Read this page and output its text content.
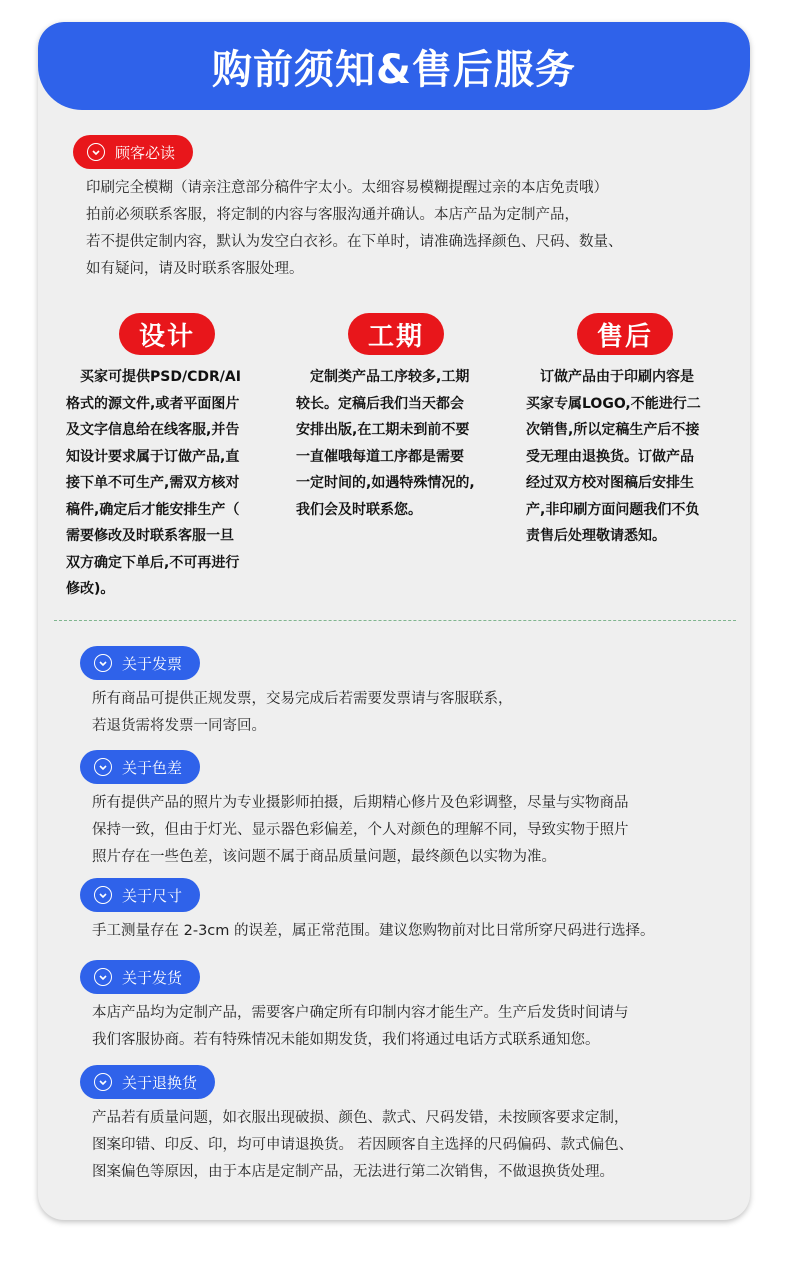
购前须知&售后服务
顾客必读
印刷完全模糊（请亲注意部分稿件字太小。太细容易模糊提醒过亲的本店免责哦）
拍前必须联系客服，将定制的内容与客服沟通并确认。本店产品为定制产品，
若不提供定制内容，默认为发空白衣衫。在下单时，请准确选择颜色、尺码、数量、
如有疑问，请及时联系客服处理。
设计
　买家可提供PSD/CDR/AI
格式的源文件,或者平面图片
及文字信息给在线客服,并告
知设计要求属于订做产品,直
接下单不可生产,需双方核对
稿件,确定后才能安排生产（
需要修改及时联系客服一旦
双方确定下单后,不可再进行
修改)。
工期
　定制类产品工序较多,工期
较长。定稿后我们当天都会
安排出版,在工期未到前不要
一直催哦每道工序都是需要
一定时间的,如遇特殊情况的,
我们会及时联系您。
售后
　订做产品由于印刷内容是
买家专属LOGO,不能进行二
次销售,所以定稿生产后不接
受无理由退换货。订做产品
经过双方校对图稿后安排生
产,非印刷方面问题我们不负
责售后处理敬请悉知。
关于发票
所有商品可提供正规发票，交易完成后若需要发票请与客服联系，
若退货需将发票一同寄回。
关于色差
所有提供产品的照片为专业摄影师拍摄，后期精心修片及色彩调整，尽量与实物商品
保持一致，但由于灯光、显示器色彩偏差，个人对颜色的理解不同，导致实物于照片
照片存在一些色差，该问题不属于商品质量问题，最终颜色以实物为准。
关于尺寸
手工测量存在 2-3cm 的误差，属正常范围。建议您购物前对比日常所穿尺码进行选择。
关于发货
本店产品均为定制产品，需要客户确定所有印制内容才能生产。生产后发货时间请与
我们客服协商。若有特殊情况未能如期发货，我们将通过电话方式联系通知您。
关于退换货
产品若有质量问题，如衣服出现破损、颜色、款式、尺码发错，未按顾客要求定制，
图案印错、印反、印，均可申请退换货。 若因顾客自主选择的尺码偏码、款式偏色、
图案偏色等原因，由于本店是定制产品，无法进行第二次销售，不做退换货处理。
